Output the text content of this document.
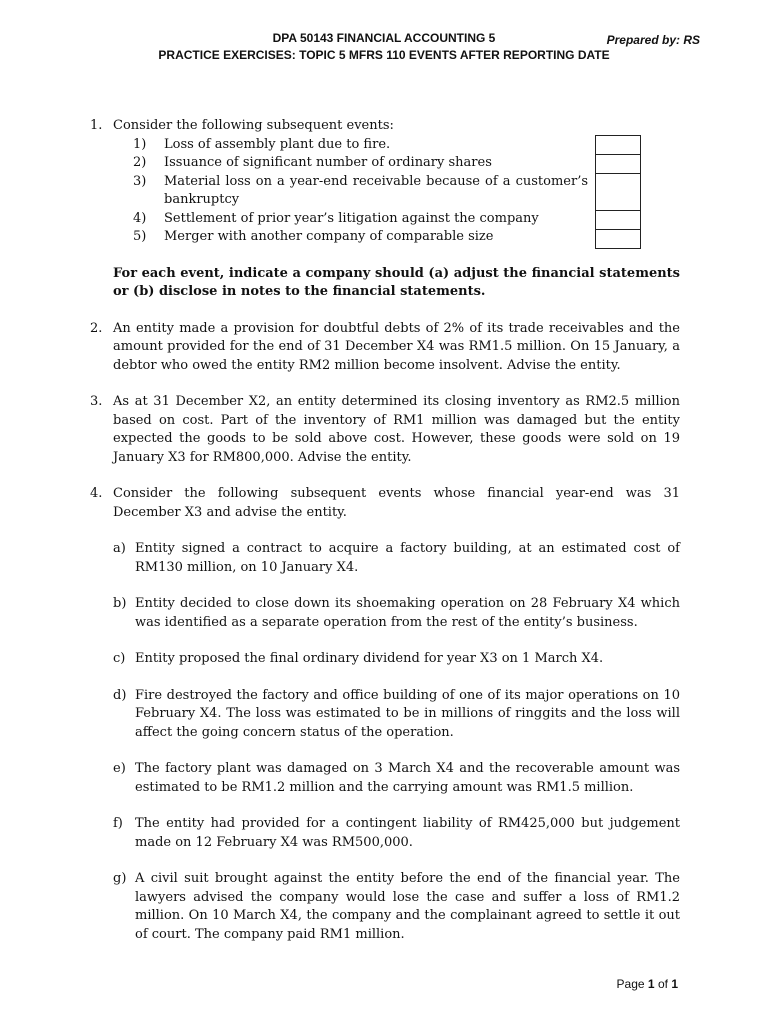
DPA 50143 FINANCIAL ACCOUNTING 5	Prepared by: RS
PRACTICE EXERCISES: TOPIC 5 MFRS 110 EVENTS AFTER REPORTING DATE
1. Consider the following subsequent events:
1) Loss of assembly plant due to fire.
2) Issuance of significant number of ordinary shares
3) Material loss on a year-end receivable because of a customer’s bankruptcy
4) Settlement of prior year’s litigation against the company
5) Merger with another company of comparable size
For each event, indicate a company should (a) adjust the financial statements or (b) disclose in notes to the financial statements.
2. An entity made a provision for doubtful debts of 2% of its trade receivables and the amount provided for the end of 31 December X4 was RM1.5 million. On 15 January, a debtor who owed the entity RM2 million become insolvent. Advise the entity.
3. As at 31 December X2, an entity determined its closing inventory as RM2.5 million based on cost. Part of the inventory of RM1 million was damaged but the entity expected the goods to be sold above cost. However, these goods were sold on 19 January X3 for RM800,000. Advise the entity.
4. Consider the following subsequent events whose financial year-end was 31 December X3 and advise the entity.
a) Entity signed a contract to acquire a factory building, at an estimated cost of RM130 million, on 10 January X4.
b) Entity decided to close down its shoemaking operation on 28 February X4 which was identified as a separate operation from the rest of the entity’s business.
c) Entity proposed the final ordinary dividend for year X3 on 1 March X4.
d) Fire destroyed the factory and office building of one of its major operations on 10 February X4. The loss was estimated to be in millions of ringgits and the loss will affect the going concern status of the operation.
e) The factory plant was damaged on 3 March X4 and the recoverable amount was estimated to be RM1.2 million and the carrying amount was RM1.5 million.
f) The entity had provided for a contingent liability of RM425,000 but judgement made on 12 February X4 was RM500,000.
g) A civil suit brought against the entity before the end of the financial year. The lawyers advised the company would lose the case and suffer a loss of RM1.2 million. On 10 March X4, the company and the complainant agreed to settle it out of court. The company paid RM1 million.
Page 1 of 1
